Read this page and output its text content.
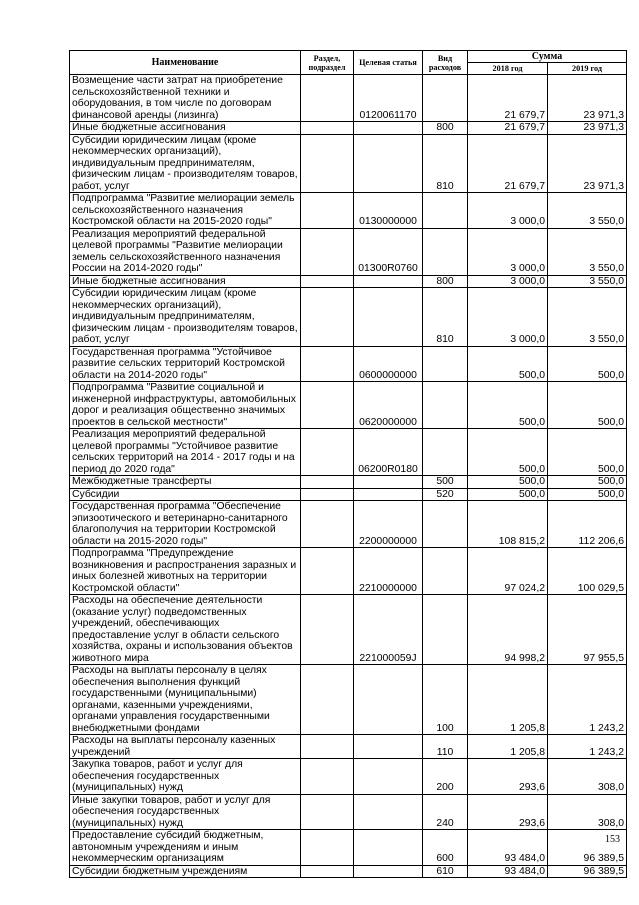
Наименование	Раздел, подраздел	Целевая статья	Вид расходов	Сумма	
				2018 год	2019 год
Возмещение части затрат на приобретение сельскохозяйственной техники и оборудования, в том числе по договорам финансовой аренды (лизинга)		0120061170		21 679,7	23 971,3
Иные бюджетные ассигнования			800	21 679,7	23 971,3
Субсидии юридическим лицам (кроме некоммерческих организаций), индивидуальным предпринимателям, физическим лицам - производителям товаров, работ, услуг			810	21 679,7	23 971,3
Подпрограмма "Развитие мелиорации земель сельскохозяйственного назначения Костромской области на 2015-2020 годы"		0130000000		3 000,0	3 550,0
Реализация мероприятий федеральной целевой программы "Развитие мелиорации земель сельскохозяйственного назначения России на 2014-2020 годы"		01300R0760		3 000,0	3 550,0
Иные бюджетные ассигнования			800	3 000,0	3 550,0
Субсидии юридическим лицам (кроме некоммерческих организаций), индивидуальным предпринимателям, физическим лицам - производителям товаров, работ, услуг			810	3 000,0	3 550,0
Государственная программа "Устойчивое развитие сельских территорий Костромской области на 2014-2020 годы"		0600000000		500,0	500,0
Подпрограмма "Развитие социальной и инженерной инфраструктуры, автомобильных дорог и реализация общественно значимых проектов в сельской местности"		0620000000		500,0	500,0
Реализация мероприятий федеральной целевой программы "Устойчивое развитие сельских территорий на 2014 - 2017 годы и на период до 2020 года"		06200R0180		500,0	500,0
Межбюджетные трансферты			500	500,0	500,0
Субсидии			520	500,0	500,0
Государственная программа "Обеспечение эпизоотического и ветеринарно-санитарного благополучия на территории Костромской области на 2015-2020 годы"		2200000000		108 815,2	112 206,6
Подпрограмма "Предупреждение возникновения и распространения заразных и иных болезней животных на территории Костромской области"		2210000000		97 024,2	100 029,5
Расходы на обеспечение деятельности (оказание услуг) подведомственных учреждений, обеспечивающих предоставление услуг в области сельского хозяйства, охраны и использования объектов животного мира		221000059J		94 998,2	97 955,5
Расходы на выплаты персоналу в целях обеспечения выполнения функций государственными (муниципальными) органами, казенными учреждениями, органами управления государственными внебюджетными фондами			100	1 205,8	1 243,2
Расходы на выплаты персоналу казенных учреждений			110	1 205,8	1 243,2
Закупка товаров, работ и услуг для обеспечения государственных (муниципальных) нужд			200	293,6	308,0
Иные закупки товаров, работ и услуг для обеспечения государственных (муниципальных) нужд			240	293,6	308,0
Предоставление субсидий бюджетным, автономным учреждениям и иным некоммерческим организациям			600	93 484,0	96 389,5
Субсидии бюджетным учреждениям			610	93 484,0	96 389,5
153
